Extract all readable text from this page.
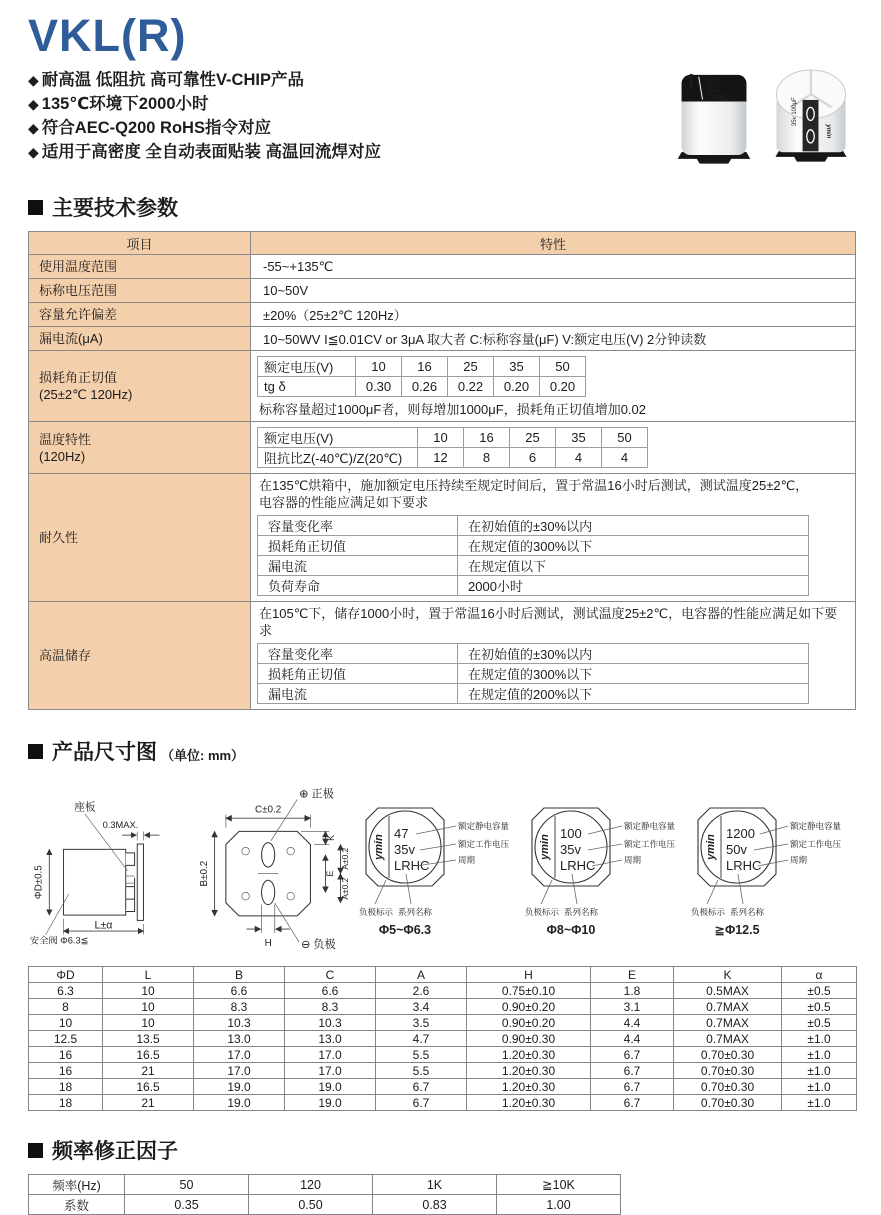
VKL(R)
◆ 耐高温 低阻抗 高可靠性V-CHIP产品
◆ 135℃环境下2000小时
◆ 符合AEC-Q200 RoHS指令对应
◆ 适用于高密度 全自动表面贴装 高温回流焊对应
ymin 100
35V
LRHC	35v 100μF
ymin
主要技术参数
项目	特性
使用温度范围	-55~+135℃
标称电压范围	10~50V
容量允许偏差	±20%（25±2℃ 120Hz）
漏电流(μA)	10~50WV I≦0.01CV or 3μA 取大者 C:标称容量(μF) V:额定电压(V) 2分钟读数

损耗角正切值
(25±2℃ 120Hz)

额定电压(V)	10	16	25	35	50
tg δ	0.30	0.26	0.22	0.20	0.20
标称容量超过1000μF者，则每增加1000μF，损耗角正切值增加0.02

温度特性
(120Hz)

额定电压(V)	10	16	25	35	50
阻抗比Z(-40℃)/Z(20℃)	12	8	6	4	4

耐久性	
在135℃烘箱中，施加额定电压持续至规定时间后，置于常温16小时后测试，测试温度25±2℃，
电容器的性能应满足如下要求
容量变化率	在初始值的±30%以内
损耗角正切值	在规定值的300%以下
漏电流	在规定值以下
负荷寿命	2000小时

高温储存	
在105℃下，储存1000小时，置于常温16小时后测试，测试温度25±2℃，电容器的性能应满足如下要求
容量变化率	在初始值的±30%以内
损耗角正切值	在规定值的300%以下
漏电流	在规定值的200%以下
产品尺寸图 （单位: mm）
ΦD±0.5
L±α
座板
0.3MAX.
安全阀 Φ6.3≦
C±0.2
B±0.2
K
A±0.2
A±0.2
E
H
⊕ 正极
⊖ 负极
ymin
47
35v
LRHC
额定静电容量
额定工作电压
周期
负极标示 系列名称
Φ5~Φ6.3
ymin
100
35v
LRHC
额定静电容量
额定工作电压
周期
负极标示 系列名称
Φ8~Φ10
ymin
1200
50v
LRHC
额定静电容量
额定工作电压
周期
负极标示 系列名称
≧Φ12.5
ΦD	L	B	C	A	H	E	K	α
6.3	10	6.6	6.6	2.6	0.75±0.10	1.8	0.5MAX	±0.5
8	10	8.3	8.3	3.4	0.90±0.20	3.1	0.7MAX	±0.5
10	10	10.3	10.3	3.5	0.90±0.20	4.4	0.7MAX	±0.5
12.5	13.5	13.0	13.0	4.7	0.90±0.30	4.4	0.7MAX	±1.0
16	16.5	17.0	17.0	5.5	1.20±0.30	6.7	0.70±0.30	±1.0
16	21	17.0	17.0	5.5	1.20±0.30	6.7	0.70±0.30	±1.0
18	16.5	19.0	19.0	6.7	1.20±0.30	6.7	0.70±0.30	±1.0
18	21	19.0	19.0	6.7	1.20±0.30	6.7	0.70±0.30	±1.0
频率修正因子
频率(Hz)	50	120	1K	≧10K
系数	0.35	0.50	0.83	1.00
